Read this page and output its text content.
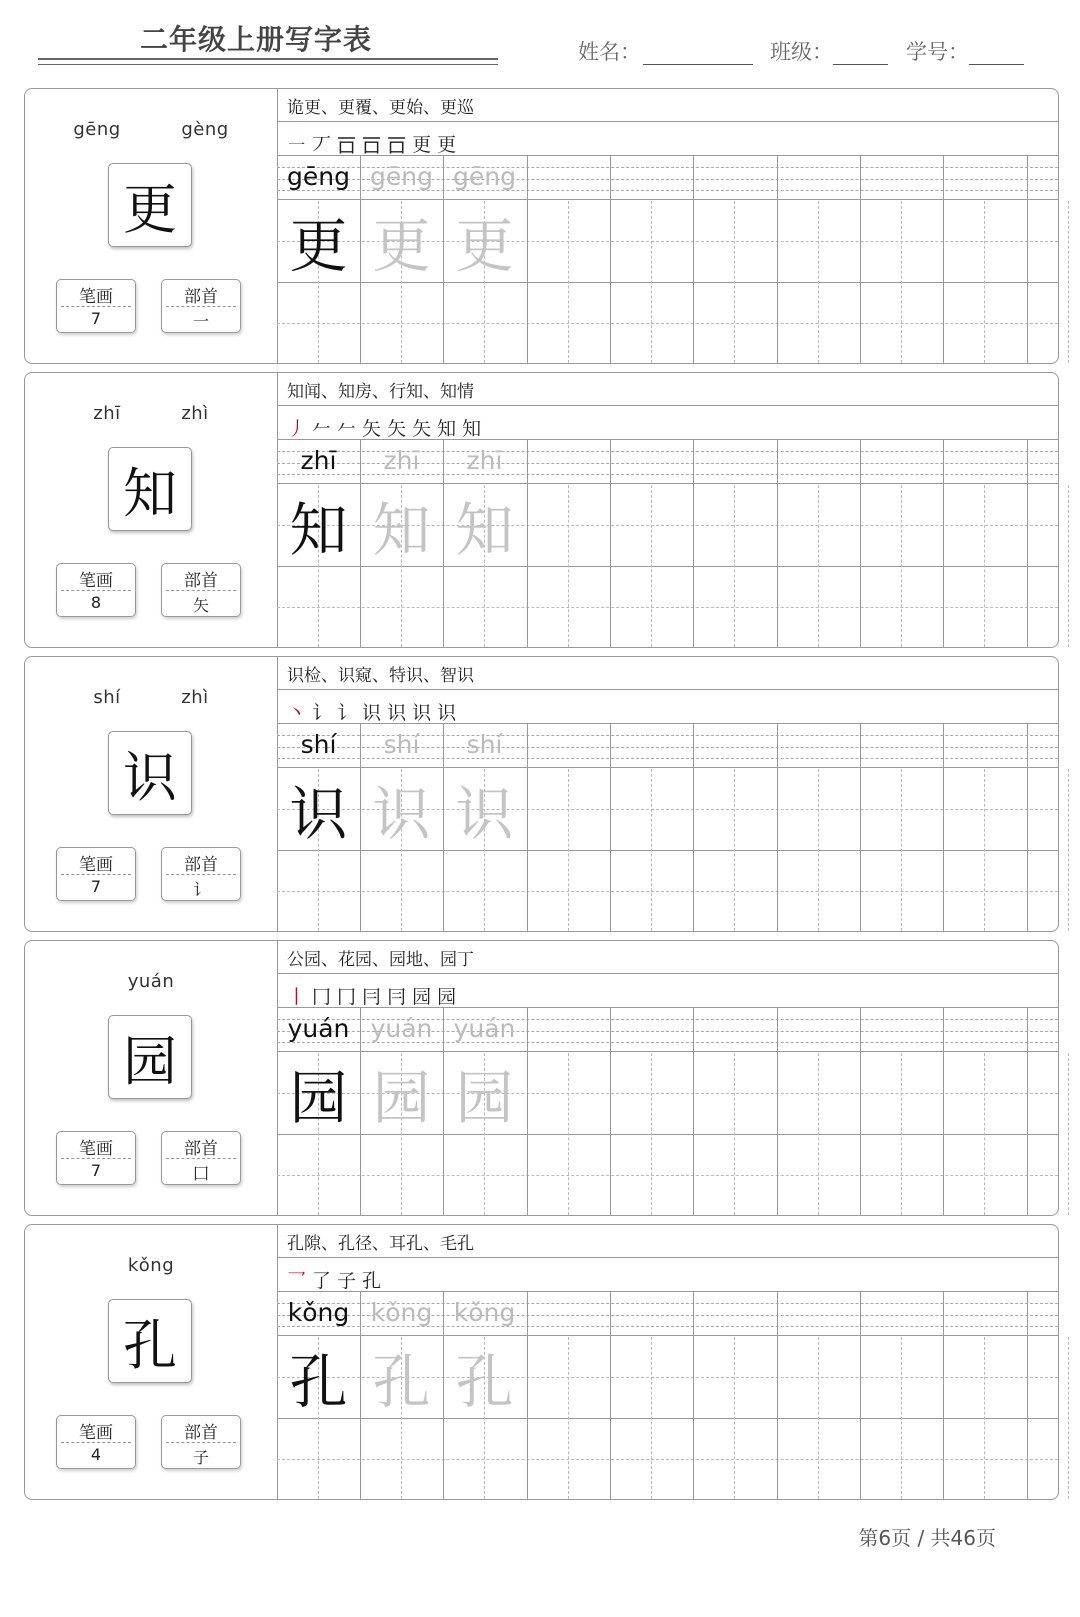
二年级上册写字表	姓名：	班级：	学号：
gēng   gèng
更
笔画
7
部首
一
诡更、更覆、更始、更巡
㇐ 丆 𠮛 𠮛 𠮛 更 更
gēng
更
gēng
更
gēng
更
zhī   zhì
知
笔画
8
部首
矢
知闻、知房、行知、知情
丿 𠂉 𠂉 矢 矢 矢 知 知
zhī
知
zhī
知
zhī
知
shí   zhì
识
笔画
7
部首
讠
识检、识窥、特识、智识
丶 讠 讠 识 识 识 识
shí
识
shí
识
shí
识
yuán
园
笔画
7
部首
囗
公园、花园、园地、园丁
丨 冂 冂 冃 冃 园 园
yuán
园
yuán
园
yuán
园
kǒng
孔
笔画
4
部首
子
孔隙、孔径、耳孔、毛孔
乛 了 子 孔
kǒng
孔
kǒng
孔
kǒng
孔
第6页 / 共46页
